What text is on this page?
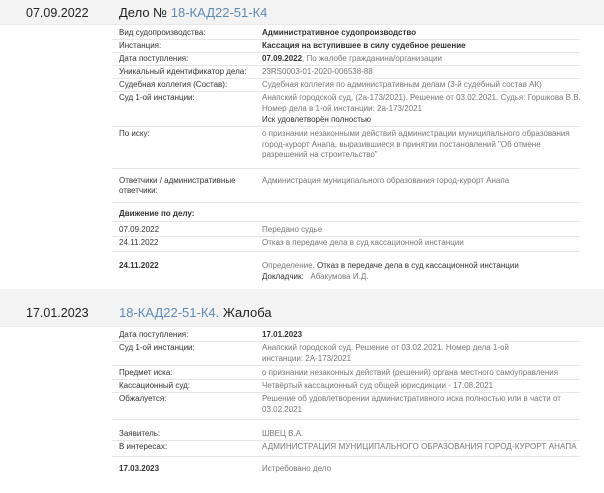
07.09.2022 Дело № 18-КАД22-51-К4
Вид судопроизводства:	Административное судопроизводство
Инстанция:	Кассация на вступившее в силу судебное решение
Дата поступления:	07.09.2022, По жалобе гражданина/организации
Уникальный идентификатор дела: 23RS0003-01-2020-006538-88
Судебная коллегия (Состав):	Судебная коллегия по административным делам (3-й судебный состав АК)
Суд 1-ой инстанции:	Анапский городской суд, (2а-173/2021). Решение от 03.02.2021. Судья: Горшкова В.В. Номер дела в 1-ой инстанции: 2а-173/2021
Иск удовлетворён полностью
По иску:	о признании незаконными действий администрации муниципального образования город-курорт Анапа, выразившиеся в принятии постановлений "Об отмене разрешений на строительство"
Ответчики / административные ответчики:
Администрация муниципального образования город-курорт Анапа
Движение по делу:
07.09.2022	Передано судье
24.11.2022	Отказ в передаче дела в суд кассационной инстанции
24.11.2022	Определение. Отказ в передаче дела в суд кассационной инстанции
Докладчик: Абакумова И.Д.
17.01.2023 18-КАД22-51-К4. Жалоба
Дата поступления:	17.01.2023
Суд 1-ой инстанции:	Анапский городской суд. Решение от 03.02.2021. Номер дела 1-ой инстанции: 2А-173/2021
Предмет иска:	о признании незаконных действий (решений) органа местного самоуправления
Кассационный суд:	Четвёртый кассационный суд общей юрисдикции - 17.08.2021
Обжалуется:	Решение об удовлетворении административного иска полностью или в части от 03.02.2021
Заявитель:	ШВЕЦ В.А.
В интересах:	АДМИНИСТРАЦИЯ МУНИЦИПАЛЬНОГО ОБРАЗОВАНИЯ ГОРОД-КУРОРТ АНАПА
17.03.2023	Истребовано дело
